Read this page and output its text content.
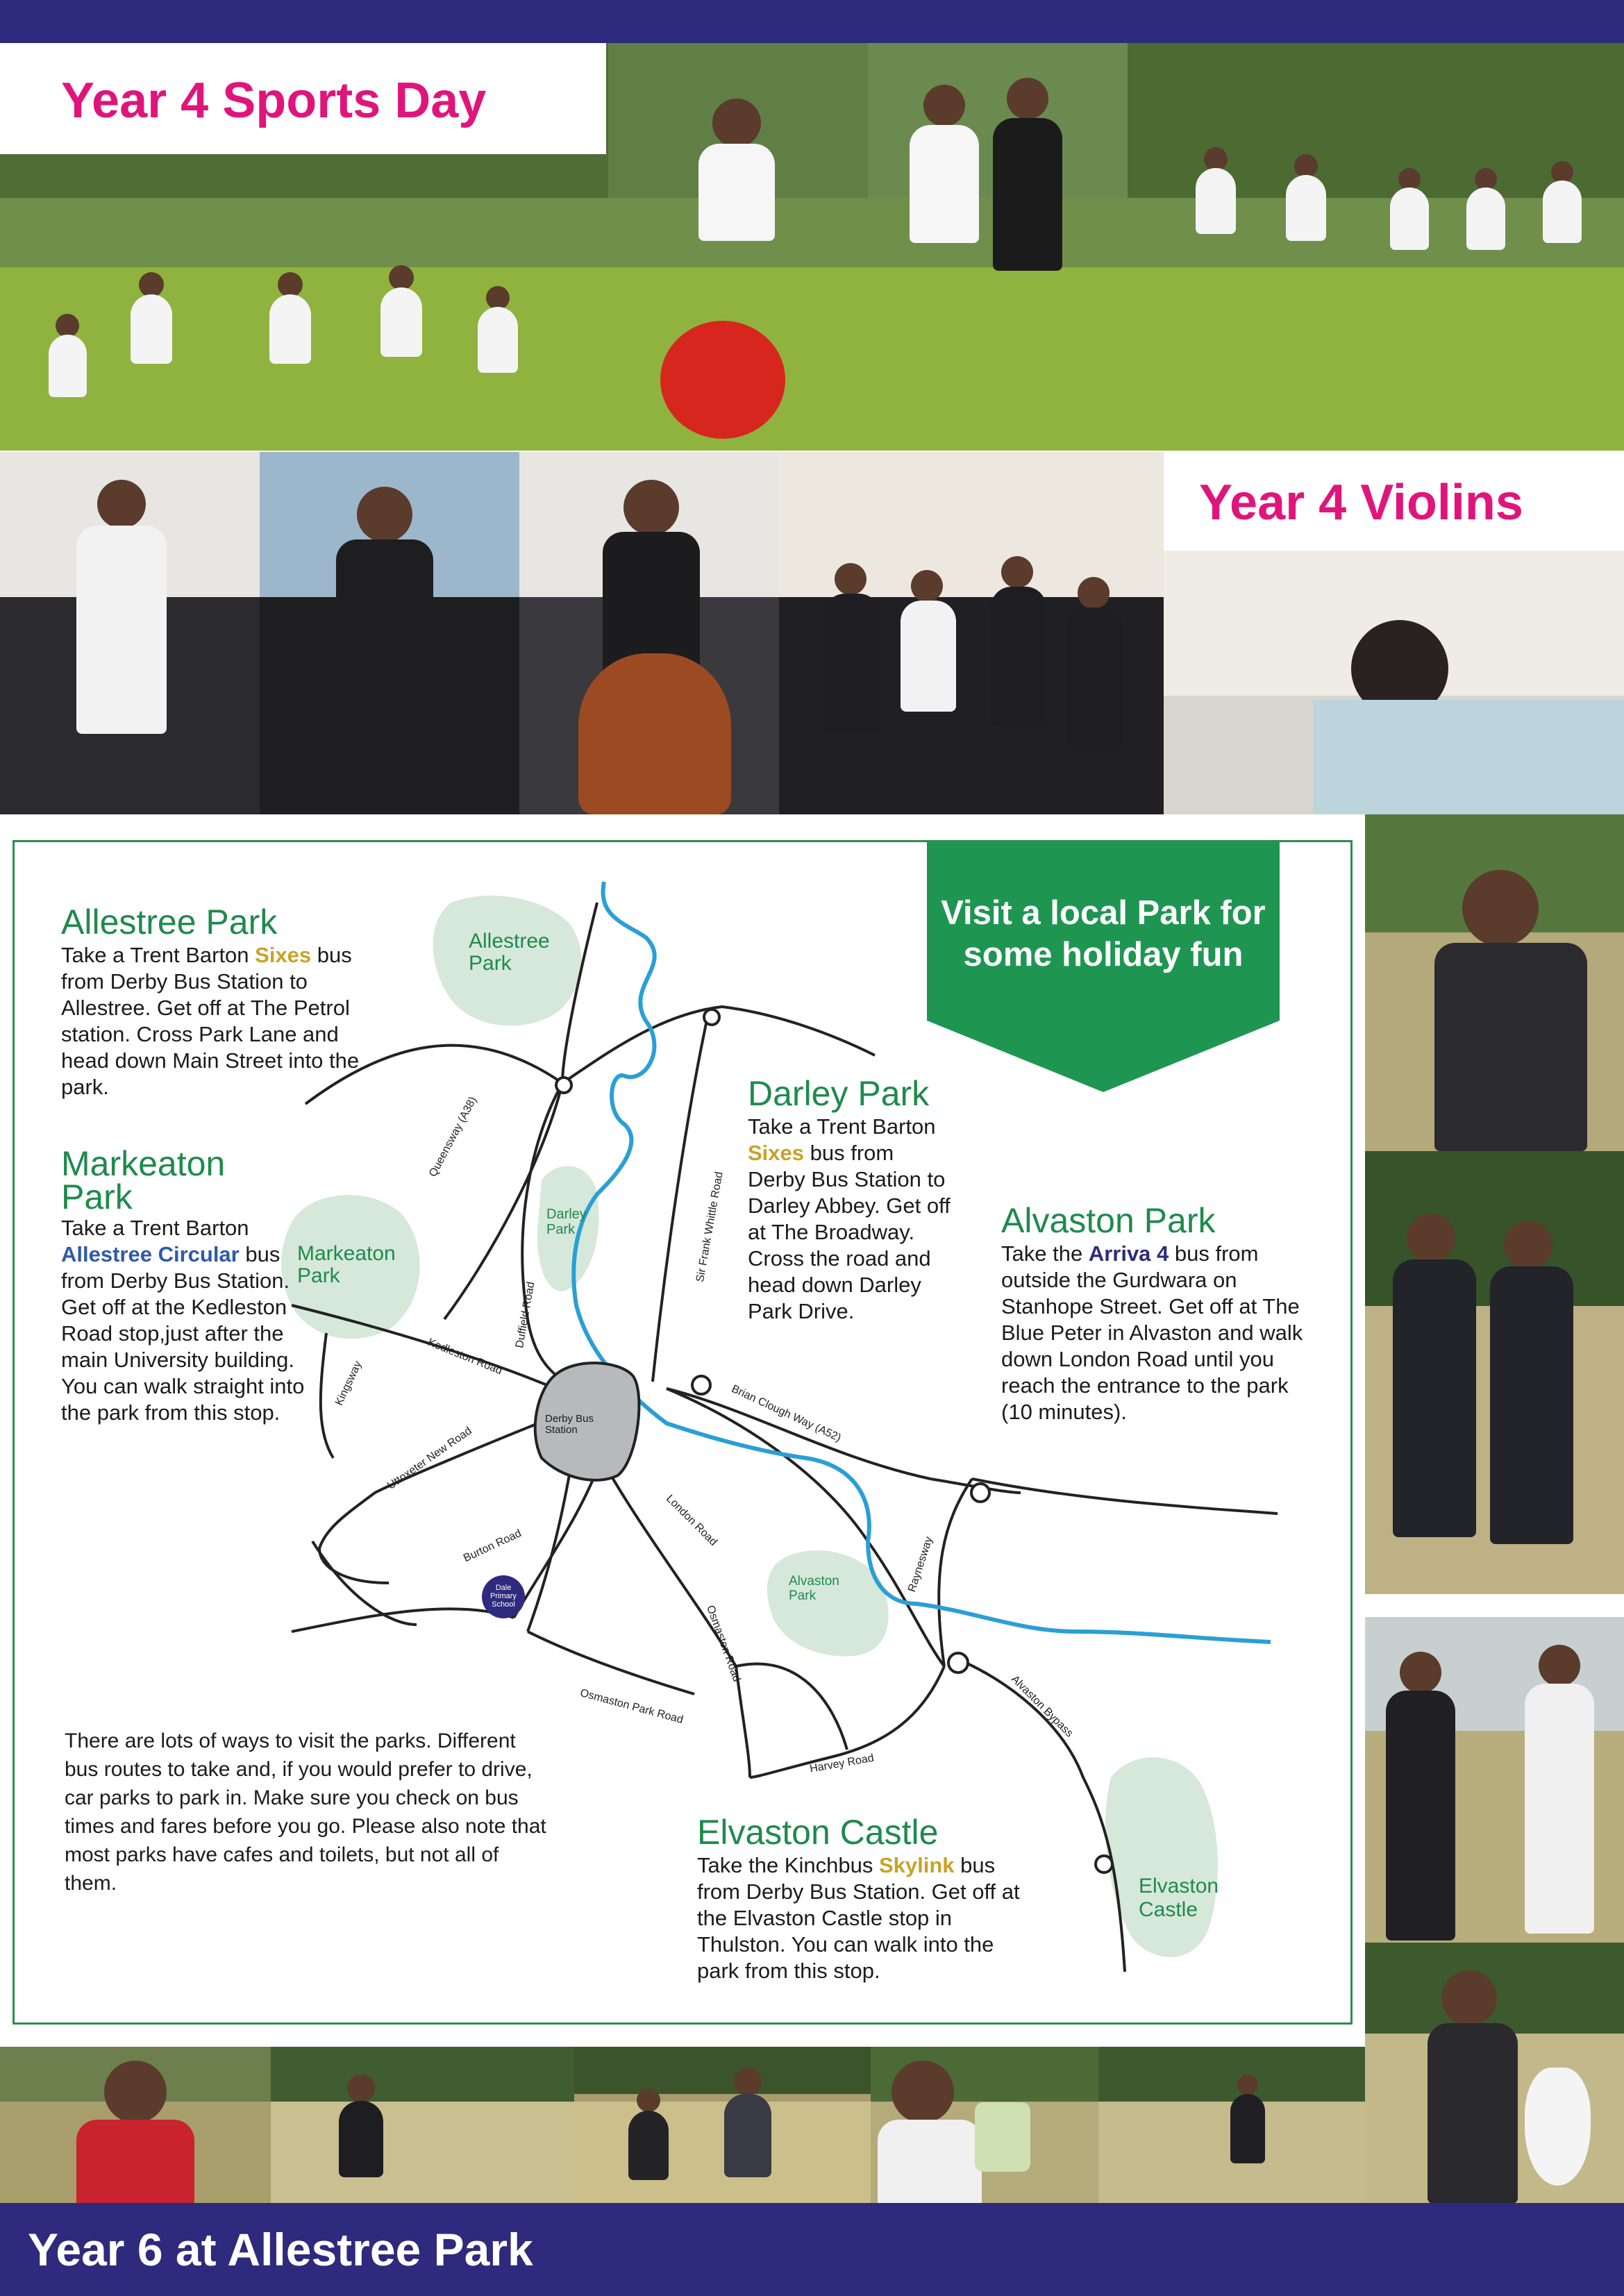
Year 4 Sports Day
Year 4 Violins
Visit a local Park for some holiday fun
Allestree Park
Darley Park
Markeaton Park
Alvaston Park
Elvaston Castle
Derby Bus Station
Dale Primary School
Queensway (A38)
Duffield Road
Sir Frank Whittle Road
Kedleston Road
Kingsway
Uttoxeter New Road
Brian Clough Way (A52)
Burton Road	London Road
Osmaston Road
Osmaston Park Road
Harvey Road
Raynesway
Alvaston Bypass
Allestree Park
Take a Trent Barton Sixes bus from Derby Bus Station to Allestree. Get off at The Petrol station. Cross Park Lane and head down Main Street into the park.
Markeaton Park
Take a Trent Barton Allestree Circular bus from Derby Bus Station. Get off at the Kedleston Road stop,just after the main University building. You can walk straight into the park from this stop.
Darley Park
Take a Trent Barton Sixes bus from Derby Bus Station to Darley Abbey. Get off at The Broadway. Cross the road and head down Darley Park Drive.
Alvaston Park
Take the Arriva 4 bus from outside the Gurdwara on Stanhope Street. Get off at The Blue Peter in Alvaston and walk down London Road until you reach the entrance to the park (10 minutes).
Elvaston Castle
Take the Kinchbus Skylink bus from Derby Bus Station. Get off at the Elvaston Castle stop in Thulston. You can walk into the park from this stop.
There are lots of ways to visit the parks. Different bus routes to take and, if you would prefer to drive, car parks to park in. Make sure you check on bus times and fares before you go. Please also note that most parks have cafes and toilets, but not all of them.
Year 6 at Allestree Park
